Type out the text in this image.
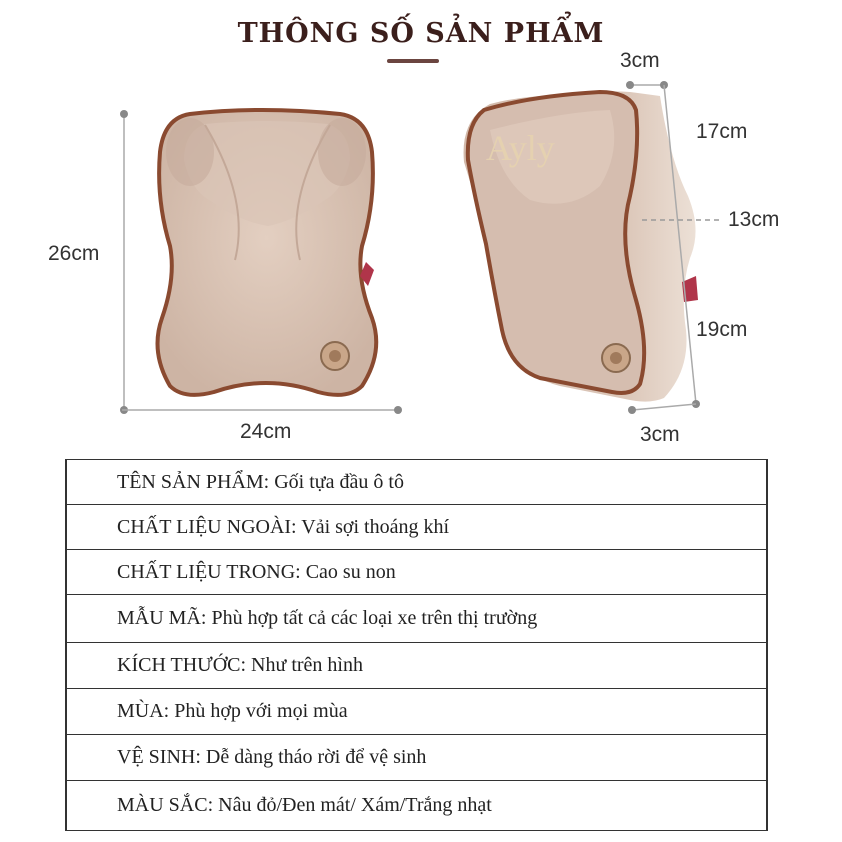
THÔNG SỐ SẢN PHẨM
Ayly
26cm
24cm
3cm
17cm
13cm
19cm
3cm
TÊN SẢN PHẨM: Gối tựa đầu ô tô
CHẤT LIỆU NGOÀI: Vải sợi thoáng khí
CHẤT LIỆU TRONG: Cao su non
MẪU MÃ: Phù hợp tất cả các loại xe trên thị trường
KÍCH THƯỚC: Như trên hình
MÙA: Phù hợp với mọi mùa
VỆ SINH: Dễ dàng tháo rời để vệ sinh
MÀU SẮC: Nâu đỏ/Đen mát/ Xám/Trắng nhạt
